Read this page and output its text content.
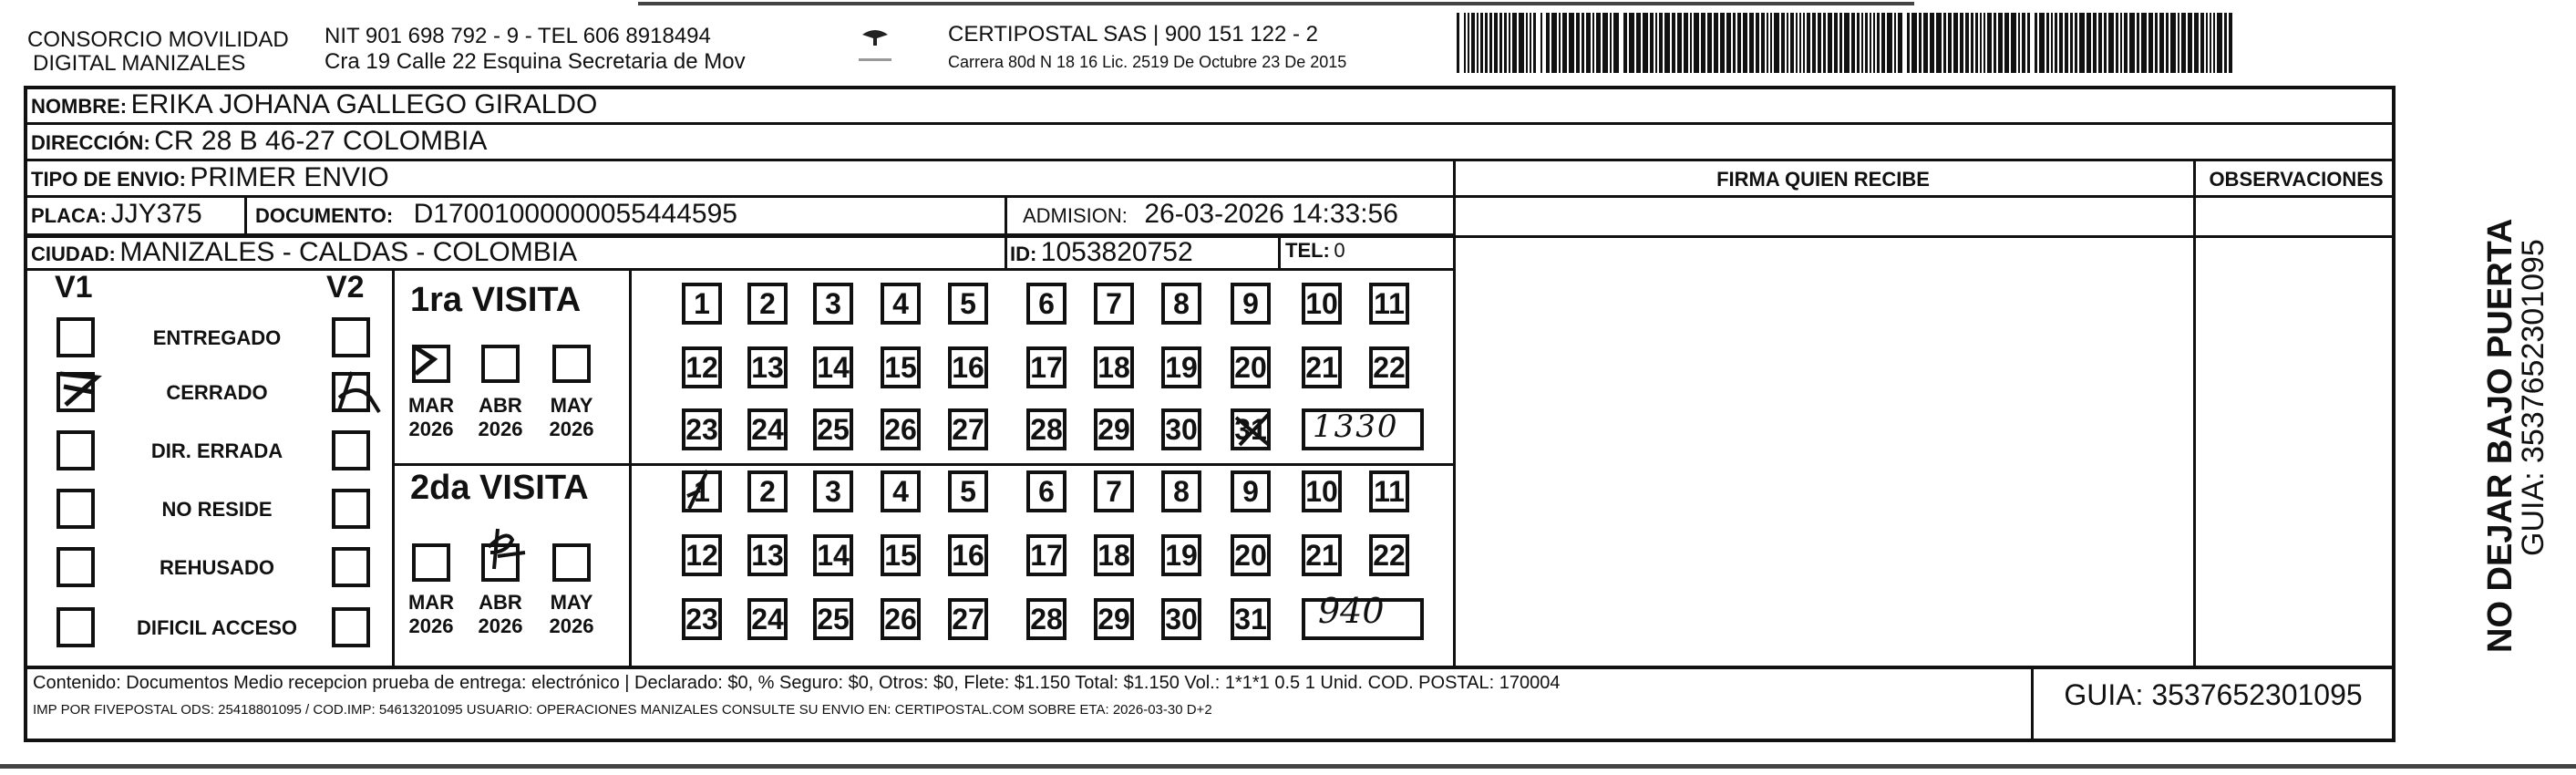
CONSORCIO MOVILIDAD
DIGITAL MANIZALES
NIT 901 698 792 - 9 - TEL 606 8918494
Cra 19 Calle 22 Esquina Secretaria de Mov
CERTIPOSTAL SAS | 900 151 122 - 2
Carrera 80d N 18 16 Lic. 2519 De Octubre 23 De 2015
NOMBRE: ERIKA JOHANA GALLEGO GIRALDO
DIRECCIÓN: CR 28 B 46-27 COLOMBIA
TIPO DE ENVIO: PRIMER ENVIO	FIRMA QUIEN RECIBE	OBSERVACIONES
PLACA: JJY375	DOCUMENTO: D17001000000055444595	ADMISION: 26-03-2026 14:33:56
CIUDAD: MANIZALES - CALDAS - COLOMBIA	ID: 1053820752	TEL: 0
V1	V2
ENTREGADO
CERRADO
DIR. ERRADA
NO RESIDE
REHUSADO
DIFICIL ACCESO
1ra VISITA
2da VISITA
MAR
2026
ABR
2026
MAY
2026
MAR
2026
ABR
2026
MAY
2026
1	2	3	4	5	6	7	8	9	10 11
12 13 14 15 16 17 18 19 20 21 22
23 24 25 26 27 28 29 30 31
1	2	3	4	5	6	7	8	9	10 11
12 13 14 15 16 17 18 19 20 21 22
23 24 25 26 27 28 29 30 31
1330
940
Contenido: Documentos Medio recepcion prueba de entrega: electrónico | Declarado: $0, % Seguro: $0, Otros: $0, Flete: $1.150 Total: $1.150 Vol.: 1*1*1 0.5 1 Unid. COD. POSTAL: 170004
IMP POR FIVEPOSTAL ODS: 25418801095 / COD.IMP: 54613201095 USUARIO: OPERACIONES MANIZALES CONSULTE SU ENVIO EN: CERTIPOSTAL.COM SOBRE ETA: 2026-03-30 D+2	GUIA: 3537652301095
NO DEJAR BAJO PUERTA
GUIA: 3537652301095
